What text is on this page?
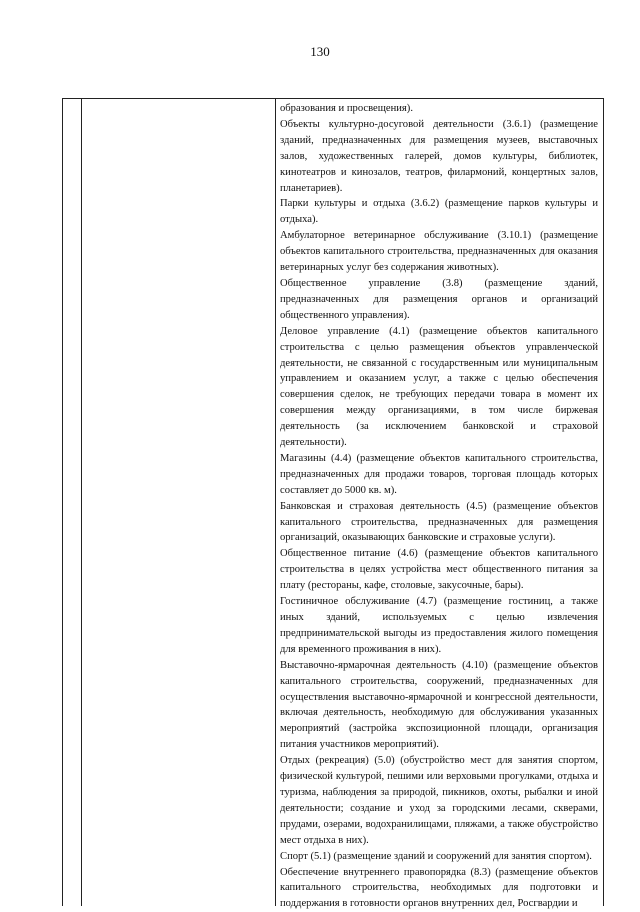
130

образования и просвещения).

Объекты культурно-досуговой деятельности (3.6.1) (размещение зданий, предназначенных для размещения музеев, выставочных залов, художественных галерей, домов культуры, библиотек, кинотеатров и кинозалов, театров, филармоний, концертных залов, планетариев).

Парки культуры и отдыха (3.6.2) (размещение парков культуры и отдыха).

Амбулаторное ветеринарное обслуживание (3.10.1) (размещение объектов капитального строительства, предназначенных для оказания ветеринарных услуг без содержания животных).

Общественное управление (3.8) (размещение зданий, предназначенных для размещения органов и организаций общественного управления).

Деловое управление (4.1) (размещение объектов капитального строительства с целью размещения объектов управленческой деятельности, не связанной с государственным или муниципальным управлением и оказанием услуг, а также с целью обеспечения совершения сделок, не требующих передачи товара в момент их совершения между организациями, в том числе биржевая деятельность (за исключением банковской и страховой деятельности).

Магазины (4.4) (размещение объектов капитального строительства, предназначенных для продажи товаров, торговая площадь которых составляет до 5000 кв. м).

Банковская и страховая деятельность (4.5) (размещение объектов капитального строительства, предназначенных для размещения организаций, оказывающих банковские и страховые услуги).

Общественное питание (4.6) (размещение объектов капитального строительства в целях устройства мест общественного питания за плату (рестораны, кафе, столовые, закусочные, бары).

Гостиничное обслуживание (4.7) (размещение гостиниц, а также иных зданий, используемых с целью извлечения предпринимательской выгоды из предоставления жилого помещения для временного проживания в них).

Выставочно-ярмарочная деятельность (4.10) (размещение объектов капитального строительства, сооружений, предназначенных для осуществления выставочно-ярмарочной и конгрессной деятельности, включая деятельность, необходимую для обслуживания указанных мероприятий (застройка экспозиционной площади, организация питания участников мероприятий).

Отдых (рекреация) (5.0) (обустройство мест для занятия спортом, физической культурой, пешими или верховыми прогулками, отдыха и туризма, наблюдения за природой, пикников, охоты, рыбалки и иной деятельности; создание и уход за городскими лесами, скверами, прудами, озерами, водохранилищами, пляжами, а также обустройство мест отдыха в них).

Спорт (5.1) (размещение зданий и сооружений для занятия спортом).

Обеспечение внутреннего правопорядка (8.3) (размещение объектов капитального строительства, необходимых для подготовки и поддержания в готовности органов внутренних дел, Росгвардии и
